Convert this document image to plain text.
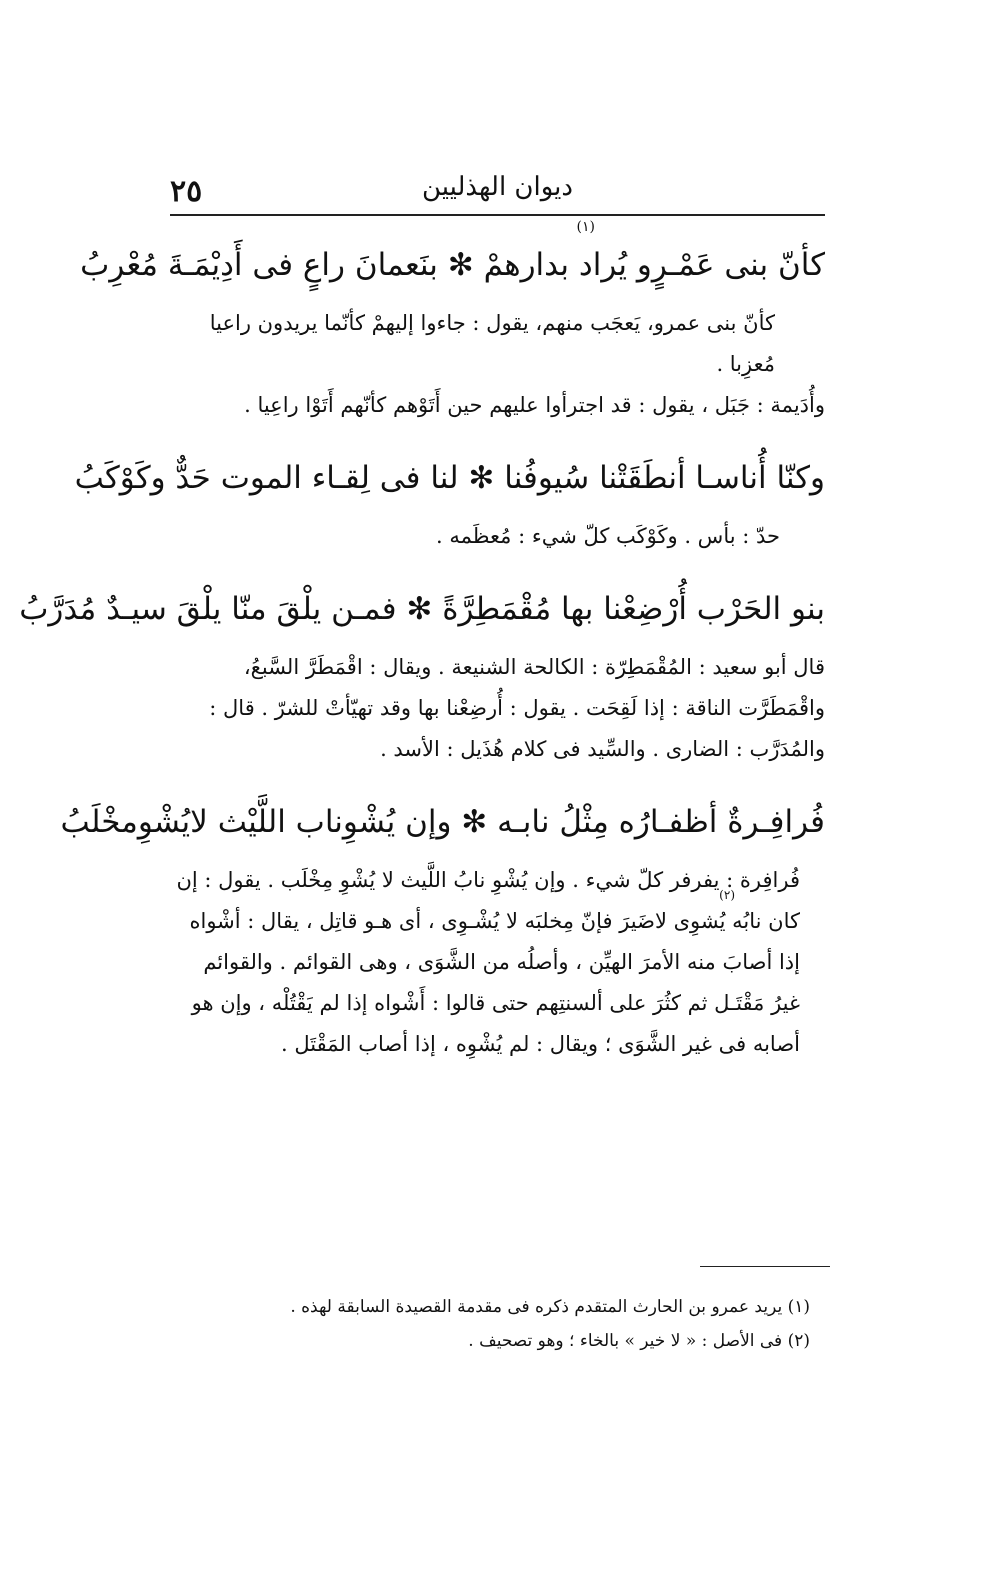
٢٥	ديوان الهذليين
(١)
كأنّ بنى عَمْـرٍو يُراد بدارهمْ ✻ بنَعمانَ راعٍ فى أَدِيْمَـةَ مُعْرِبُ

كأنّ بنى عمرو، يَعجَب منهم، يقول : جاءوا إليهمْ كأنّما يريدون راعيا مُعزِبا .

وأُدَيمة : جَبَل ، يقول : قد اجترأوا عليهم حين أَتَوْهم كأنّهم أَتَوْا راعِيا .

وكنّا أُناسـا أنطَقَتْنا سُيوفُنا ✻ لنا فى لِقـاء الموت حَدٌّ وكَوْكَبُ

حدّ : بأس . وكَوْكَب كلّ شيء : مُعظَمه .

بنو الحَرْب أُرْضِعْنا بها مُقْمَطِرَّةً ✻ فمـن يلْقَ منّا يلْقَ سيـدٌ مُدَرَّبُ

قال أبو سعيد : المُقْمَطِرّة : الكالحة الشنيعة . ويقال : اقْمَطَرَّ السَّبعُ، واقْمَطَرَّت الناقة : إذا لَقِحَت . يقول : أُرضِعْنا بها وقد تهيّأتْ للشرّ . قال : والمُدَرَّب : الضارى . والسِّيد فى كلام هُذَيل : الأسد .

فُرافِـرةٌ أظفـارُه مِثْلُ نابـه ✻ وإن يُشْوِناب اللَّيْث لايُشْوِمخْلَبُ

(٢)
فُرافِرة : يفرفر كلّ شيء . وإن يُشْوِ نابُ اللَّيث لا يُشْوِ مِخْلَب . يقول : إن كان نابُه يُشوِى لاضَيرَ فإنّ مِخلبَه لا يُشْـوِى ، أى هـو قاتِل ، يقال : أشْواه إذا أصابَ منه الأمرَ الهيِّن ، وأصلُه من الشَّوَى ، وهى القوائم . والقوائم غيرُ مَقْتَـل ثم كثُرَ على ألسنتِهم حتى قالوا : أَشْواه إذا لم يَقْتُلْه ، وإن هو أصابه فى غير الشَّوَى ؛ ويقال : لم يُشْوِه ، إذا أصاب المَقْتَل .

(١) يريد عمرو بن الحارث المتقدم ذكره فى مقدمة القصيدة السابقة لهذه .

(٢) فى الأصل : « لا خير » بالخاء ؛ وهو تصحيف .
